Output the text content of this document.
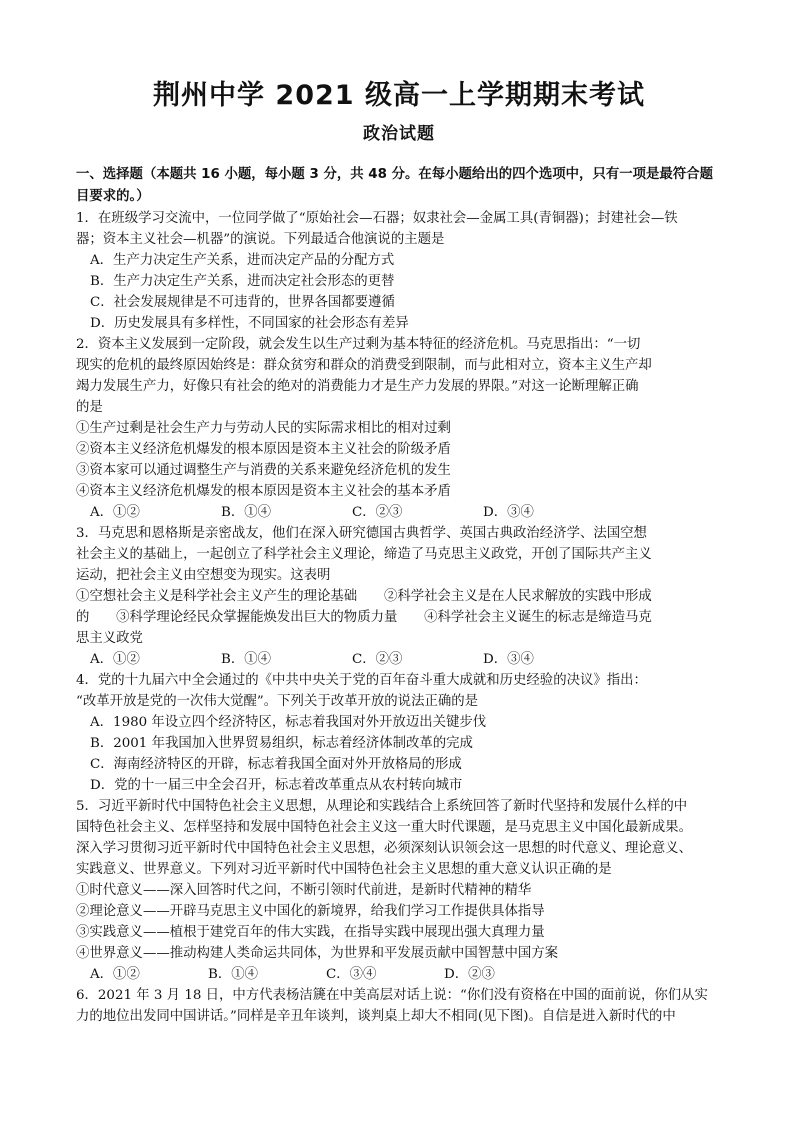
荆州中学 2021 级高一上学期期末考试
政治试题
一、选择题（本题共 16 小题，每小题 3 分，共 48 分。在每小题给出的四个选项中，只有一项是最符合题
目要求的。）
1．在班级学习交流中，一位同学做了“原始社会—石器；奴隶社会—金属工具(青铜器)；封建社会—铁
器；资本主义社会—机器”的演说。下列最适合他演说的主题是
A．生产力决定生产关系，进而决定产品的分配方式
B．生产力决定生产关系，进而决定社会形态的更替
C．社会发展规律是不可违背的，世界各国都要遵循
D．历史发展具有多样性，不同国家的社会形态有差异
2．资本主义发展到一定阶段，就会发生以生产过剩为基本特征的经济危机。马克思指出：“一切
现实的危机的最终原因始终是：群众贫穷和群众的消费受到限制，而与此相对立，资本主义生产却
竭力发展生产力，好像只有社会的绝对的消费能力才是生产力发展的界限。”对这一论断理解正确
的是
①生产过剩是社会生产力与劳动人民的实际需求相比的相对过剩
②资本主义经济危机爆发的根本原因是资本主义社会的阶级矛盾
③资本家可以通过调整生产与消费的关系来避免经济危机的发生
④资本主义经济危机爆发的根本原因是资本主义社会的基本矛盾
A．①②	B．①④	C．②③	D．③④
3．马克思和恩格斯是亲密战友，他们在深入研究德国古典哲学、英国古典政治经济学、法国空想
社会主义的基础上，一起创立了科学社会主义理论，缔造了马克思主义政党，开创了国际共产主义
运动，把社会主义由空想变为现实。这表明
①空想社会主义是科学社会主义产生的理论基础　　②科学社会主义是在人民求解放的实践中形成
的　　③科学理论经民众掌握能焕发出巨大的物质力量　　④科学社会主义诞生的标志是缔造马克
思主义政党
A．①②	B．①④	C．②③	D．③④
4．党的十九届六中全会通过的《中共中央关于党的百年奋斗重大成就和历史经验的决议》指出：
“改革开放是党的一次伟大觉醒”。下列关于改革开放的说法正确的是
A．1980 年设立四个经济特区，标志着我国对外开放迈出关键步伐
B．2001 年我国加入世界贸易组织，标志着经济体制改革的完成
C．海南经济特区的开辟，标志着我国全面对外开放格局的形成
D．党的十一届三中全会召开，标志着改革重点从农村转向城市
5．习近平新时代中国特色社会主义思想，从理论和实践结合上系统回答了新时代坚持和发展什么样的中
国特色社会主义、怎样坚持和发展中国特色社会主义这一重大时代课题，是马克思主义中国化最新成果。
深入学习贯彻习近平新时代中国特色社会主义思想，必须深刻认识领会这一思想的时代意义、理论意义、
实践意义、世界意义。下列对习近平新时代中国特色社会主义思想的重大意义认识正确的是
①时代意义——深入回答时代之问，不断引领时代前进，是新时代精神的精华
②理论意义——开辟马克思主义中国化的新境界，给我们学习工作提供具体指导
③实践意义——植根于建党百年的伟大实践，在指导实践中展现出强大真理力量
④世界意义——推动构建人类命运共同体，为世界和平发展贡献中国智慧中国方案
A．①②	B．①④	C．③④	D．②③
6．2021 年 3 月 18 日，中方代表杨洁篪在中美高层对话上说：“你们没有资格在中国的面前说，你们从实
力的地位出发同中国讲话。”同样是辛丑年谈判，谈判桌上却大不相同(见下图)。自信是进入新时代的中
